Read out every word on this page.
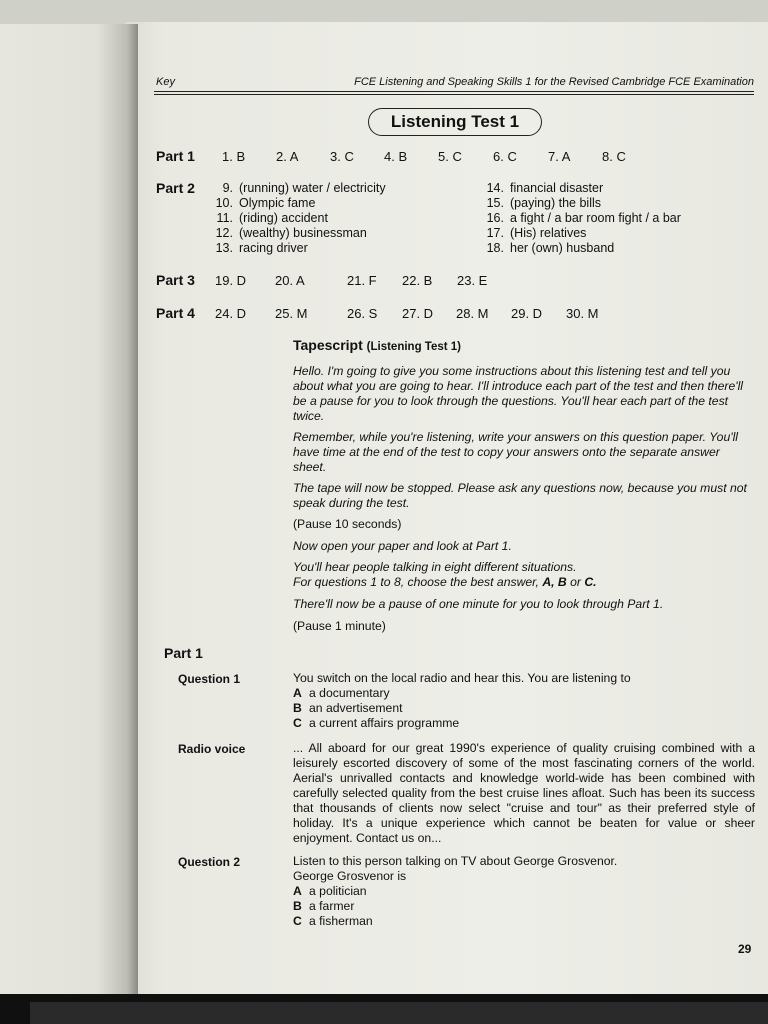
Key	FCE Listening and Speaking Skills 1 for the Revised Cambridge FCE Examination
Listening Test 1
Part 1 1. B 2. A 3. C 4. B 5. C 6. C 7. A 8. C
Part 2	9. (running) water / electricity
10. Olympic fame
11. (riding) accident
12. (wealthy) businessman
13. racing driver
14. financial disaster
15. (paying) the bills
16. a fight / a bar room fight / a bar
17. (His) relatives
18. her (own) husband
Part 3 19. D 20. A	21. F 22. B 23. E
Part 4 24. D 25. M	26. S 27. D 28. M 29. D 30. M
Tapescript (Listening Test 1)
Hello. I'm going to give you some instructions about this listening test and tell you about what you are going to hear. I'll introduce each part of the test and then there'll be a pause for you to look through the questions. You'll hear each part of the test twice.
Remember, while you're listening, write your answers on this question paper. You'll have time at the end of the test to copy your answers onto the separate answer sheet.
The tape will now be stopped. Please ask any questions now, because you must not speak during the test.
(Pause 10 seconds)
Now open your paper and look at Part 1.
You'll hear people talking in eight different situations.
For questions 1 to 8, choose the best answer, A, B or C.
There'll now be a pause of one minute for you to look through Part 1.
(Pause 1 minute)
Part 1
Question 1	You switch on the local radio and hear this. You are listening to
A a documentary
B an advertisement
C a current affairs programme
Radio voice	... All aboard for our great 1990's experience of quality cruising combined with a leisurely escorted discovery of some of the most fascinating corners of the world. Aerial's unrivalled contacts and knowledge world-wide has been combined with carefully selected quality from the best cruise lines afloat. Such has been its success that thousands of clients now select "cruise and tour" as their preferred style of holiday. It's a unique experience which cannot be beaten for value or sheer enjoyment. Contact us on...
Question 2	Listen to this person talking on TV about George Grosvenor.
George Grosvenor is
A a politician
B a farmer
C a fisherman
29
